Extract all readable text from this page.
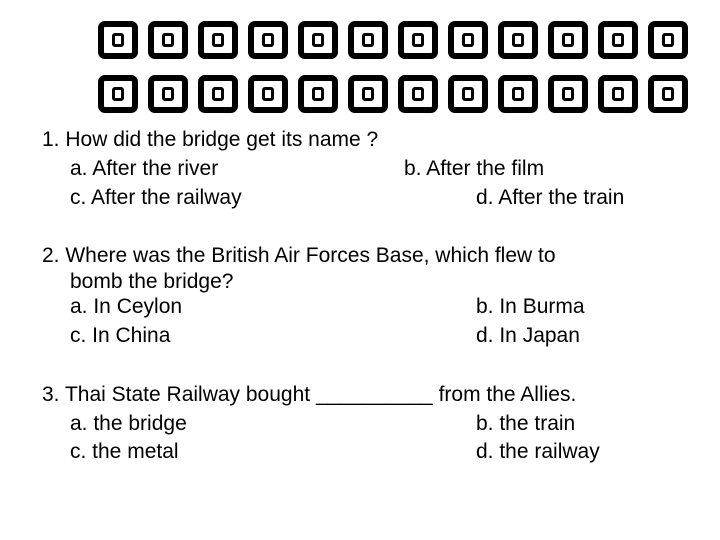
1. How did the bridge get its name ?
a. After the river	b. After the film
c. After the railway	d. After the train
2. Where was the British Air Forces Base, which flew to
bomb the bridge?
a. In Ceylon	b. In Burma
c. In China	d. In Japan
3. Thai State Railway bought __________ from the Allies.
a. the bridge	b. the train
c. the metal	d. the railway
